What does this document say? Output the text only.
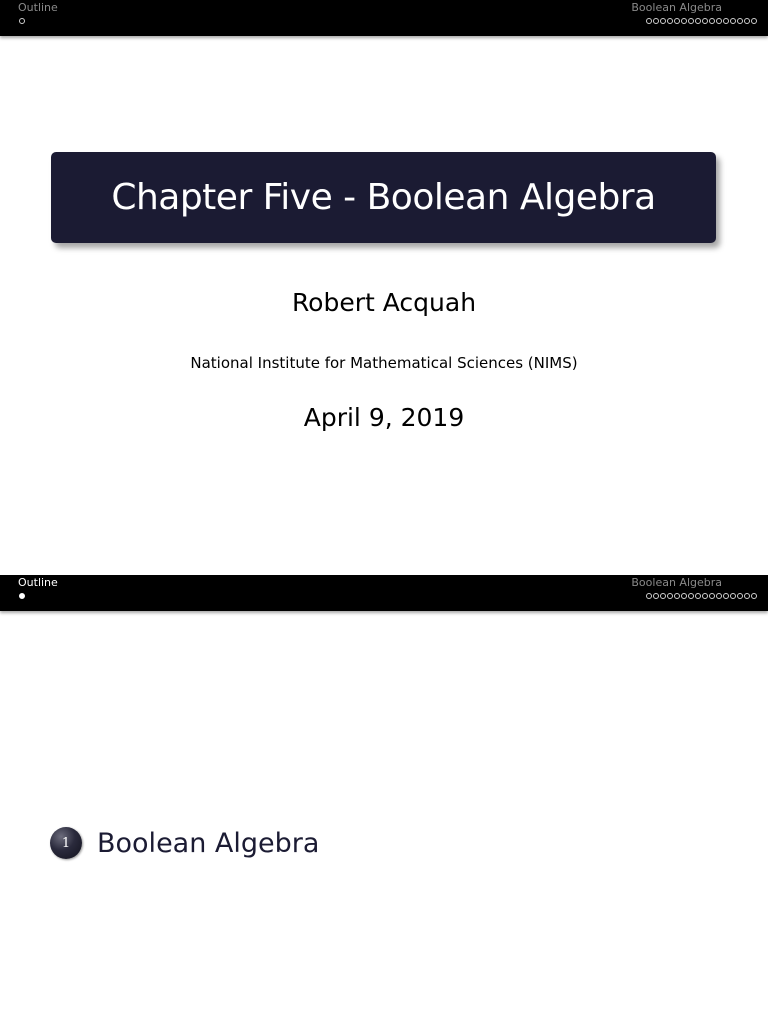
Outline	Boolean Algebra
Chapter Five - Boolean Algebra
Robert Acquah
National Institute for Mathematical Sciences (NIMS)
April 9, 2019
Outline	Boolean Algebra
1 Boolean Algebra
